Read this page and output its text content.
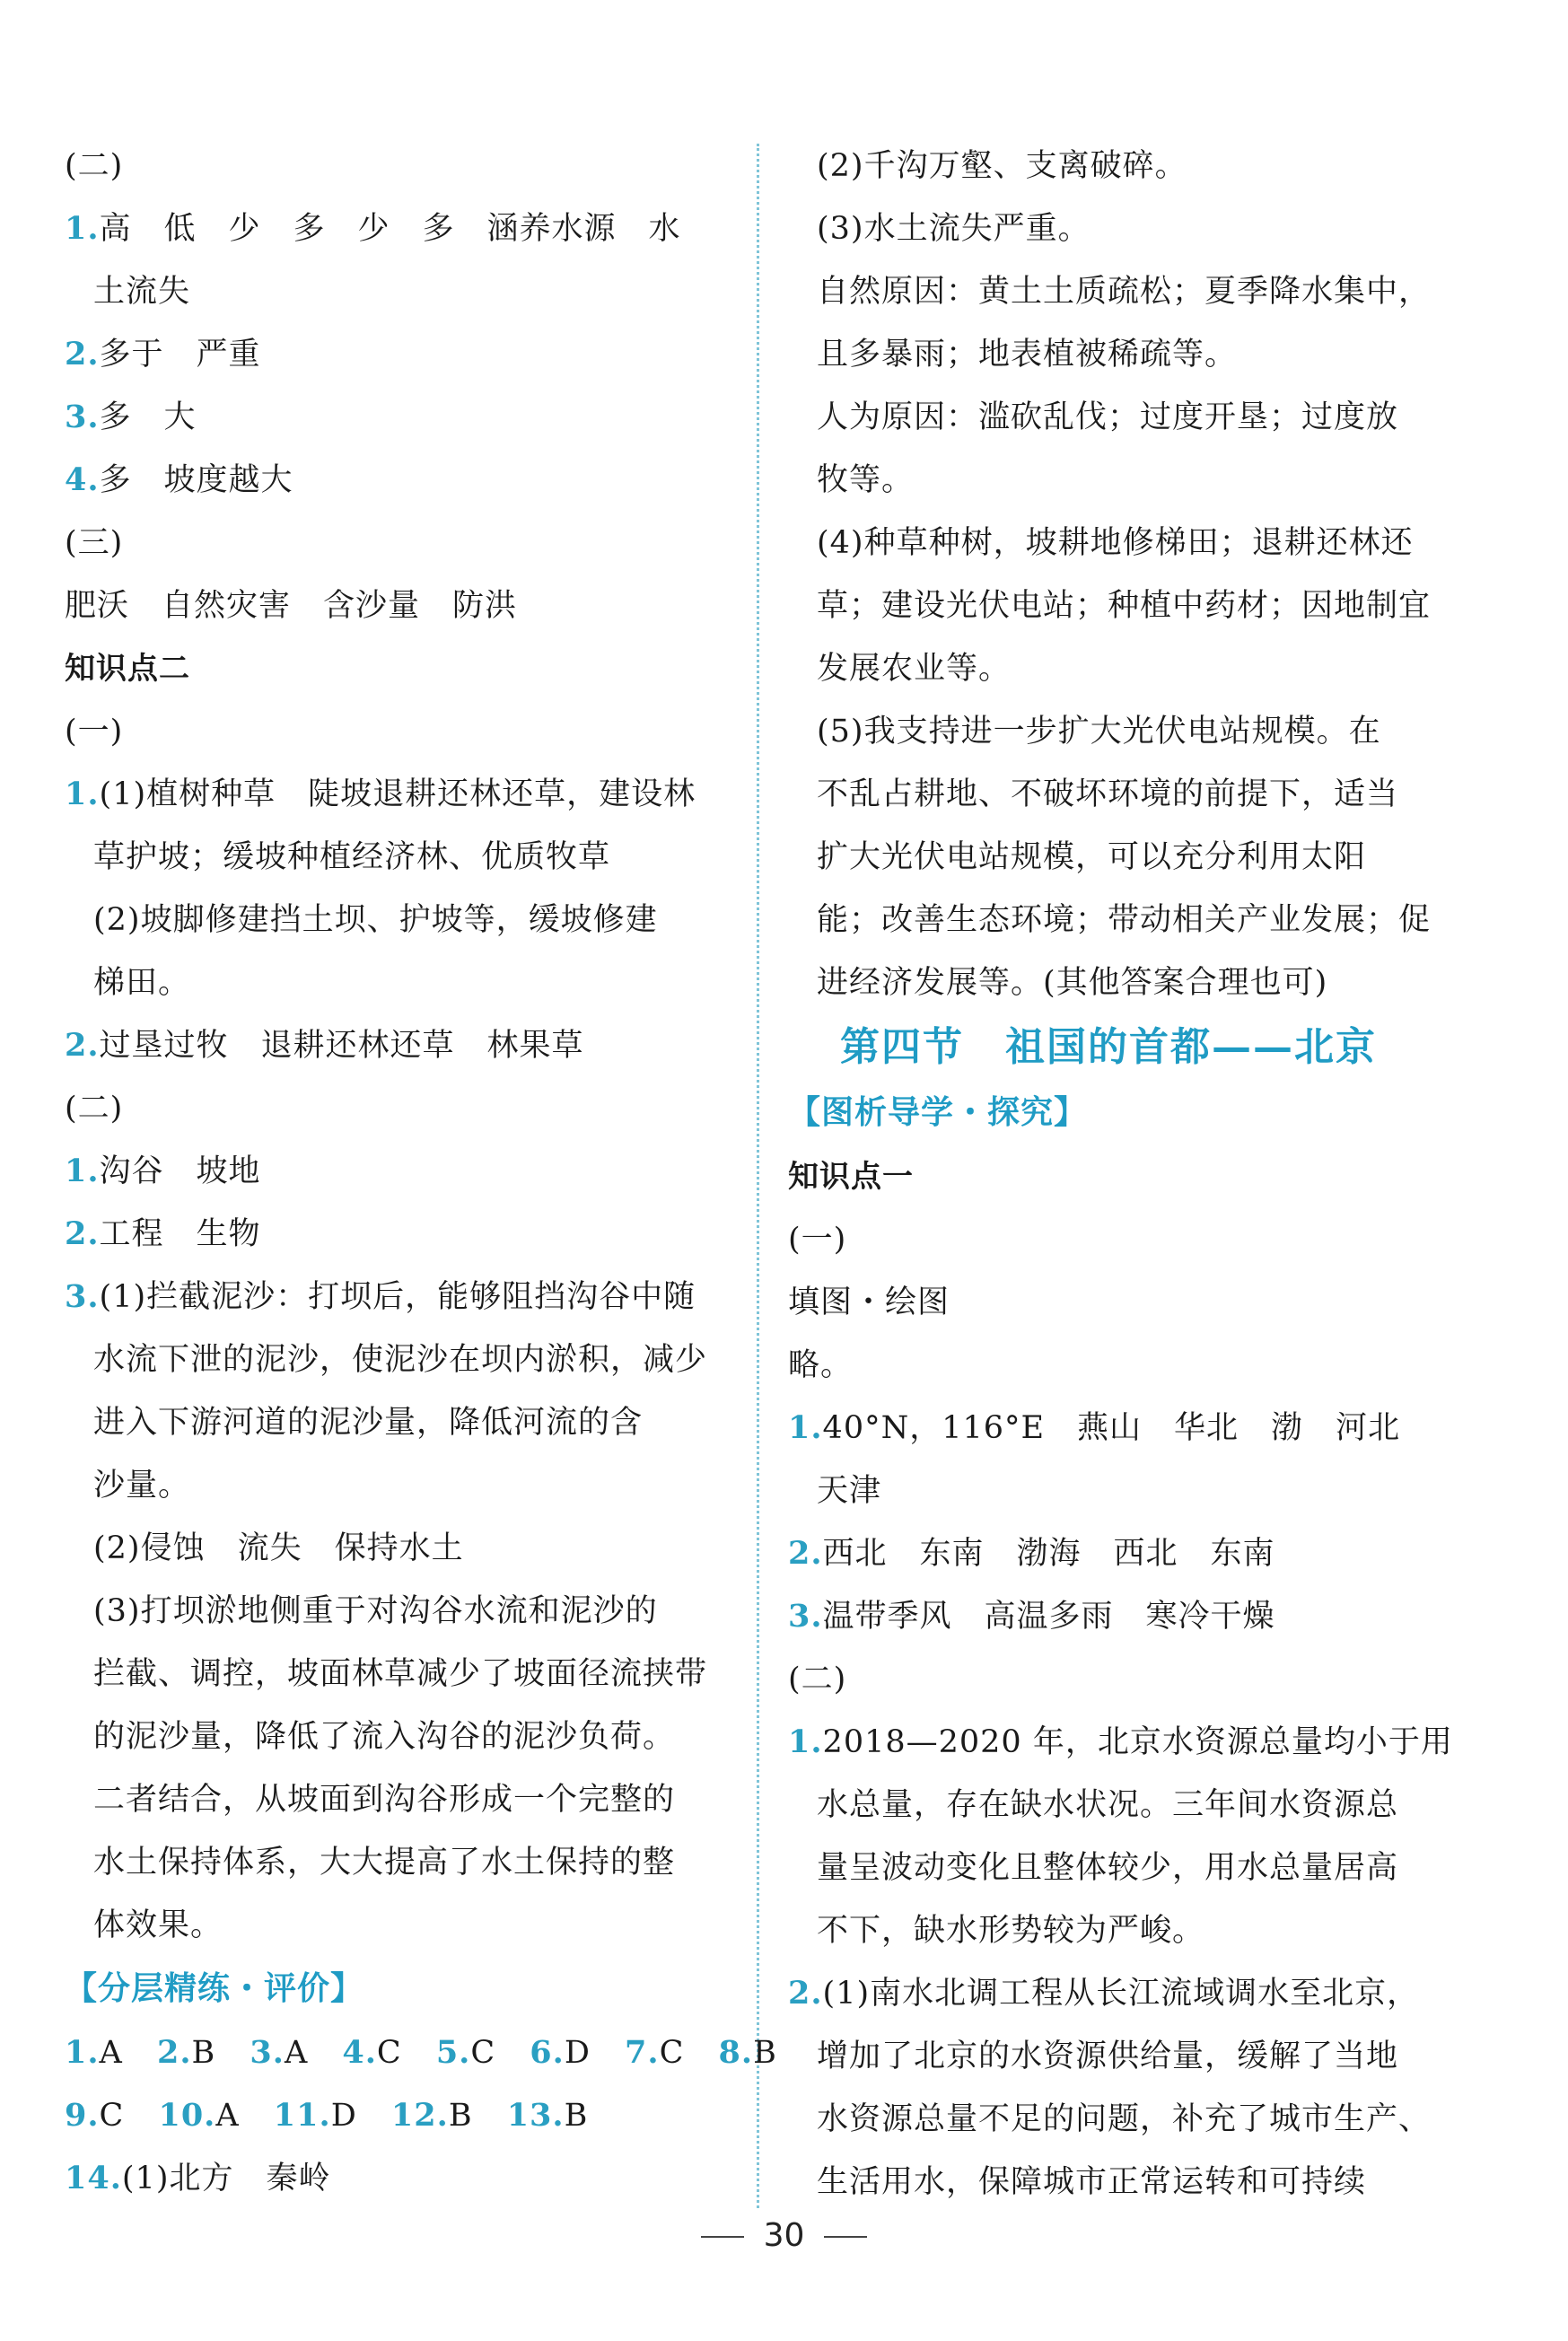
(二)
1.高　低　少　多　少　多　涵养水源　水
土流失
2.多于　严重
3.多　大
4.多　坡度越大
(三)
肥沃　自然灾害　含沙量　防洪
知识点二
(一)
1.(1)植树种草　陡坡退耕还林还草，建设林
草护坡；缓坡种植经济林、优质牧草
(2)坡脚修建挡土坝、护坡等，缓坡修建
梯田。
2.过垦过牧　退耕还林还草　林果草
(二)
1.沟谷　坡地
2.工程　生物
3.(1)拦截泥沙：打坝后，能够阻挡沟谷中随
水流下泄的泥沙，使泥沙在坝内淤积，减少
进入下游河道的泥沙量，降低河流的含
沙量。
(2)侵蚀　流失　保持水土
(3)打坝淤地侧重于对沟谷水流和泥沙的
拦截、调控，坡面林草减少了坡面径流挟带
的泥沙量，降低了流入沟谷的泥沙负荷。
二者结合，从坡面到沟谷形成一个完整的
水土保持体系，大大提高了水土保持的整
体效果。
【分层精练・评价】
1.A 2.B 3.A 4.C 5.C 6.D 7.C 8.B
9.C 10.A 11.D 12.B 13.B
14.(1)北方　秦岭
(2)千沟万壑、支离破碎。
(3)水土流失严重。
自然原因：黄土土质疏松；夏季降水集中，
且多暴雨；地表植被稀疏等。
人为原因：滥砍乱伐；过度开垦；过度放
牧等。
(4)种草种树，坡耕地修梯田；退耕还林还
草；建设光伏电站；种植中药材；因地制宜
发展农业等。
(5)我支持进一步扩大光伏电站规模。在
不乱占耕地、不破坏环境的前提下，适当
扩大光伏电站规模，可以充分利用太阳
能；改善生态环境；带动相关产业发展；促
进经济发展等。(其他答案合理也可)
第四节　祖国的首都——北京
【图析导学・探究】
知识点一
(一)
填图・绘图
略。
1.40°N，116°E　燕山　华北　渤　河北
天津
2.西北　东南　渤海　西北　东南
3.温带季风　高温多雨　寒冷干燥
(二)
1.2018—2020 年，北京水资源总量均小于用
水总量，存在缺水状况。三年间水资源总
量呈波动变化且整体较少，用水总量居高
不下，缺水形势较为严峻。
2.(1)南水北调工程从长江流域调水至北京，
增加了北京的水资源供给量，缓解了当地
水资源总量不足的问题，补充了城市生产、
生活用水，保障城市正常运转和可持续
30
